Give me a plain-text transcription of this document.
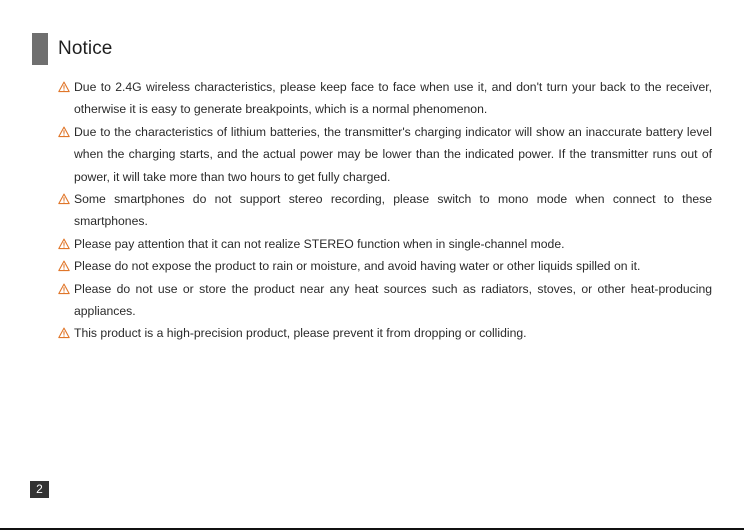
Notice
Due to 2.4G wireless characteristics, please keep face to face when use it, and don't turn your back to the receiver, otherwise it is easy to generate breakpoints, which is a normal phenomenon.
Due to the characteristics of lithium batteries, the transmitter's charging indicator will show an inaccurate battery level when the charging starts, and the actual power may be lower than the indicated power. If the transmitter runs out of power, it will take more than two hours to get fully charged.
Some smartphones do not support stereo recording, please switch to mono mode when connect to these smartphones.
Please pay attention that it can not realize STEREO function when in single-channel mode.
Please do not expose the product to rain or moisture, and avoid having water or other liquids spilled on it.
Please do not use or store the product near any heat sources such as radiators, stoves, or other heat-producing appliances.
This product is a high-precision product, please prevent it from dropping or colliding.
2
